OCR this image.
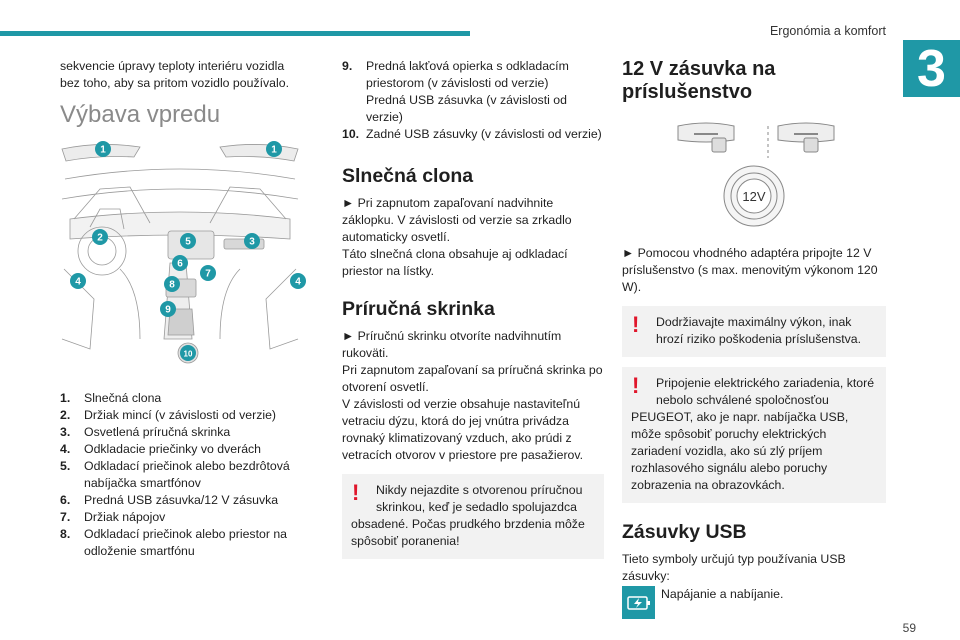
Ergonómia a komfort
3

sekvencie úpravy teploty interiéru vozidla bez toho, aby sa pritom vozidlo používalo.

Výbava vpredu
1	1
2	5	3
6
7
4	8	4
9
10
1.	Slnečná clona
2.	Držiak mincí (v závislosti od verzie)
3.	Osvetlená príručná skrinka
4.	Odkladacie priečinky vo dverách
5.	Odkladací priečinok alebo bezdrôtová nabíjačka smartfónov
6.	Predná USB zásuvka/12 V zásuvka
7.	Držiak nápojov
8.	Odkladací priečinok alebo priestor na odloženie smartfónu
9.	Predná lakťová opierka s odkladacím priestorom (v závislosti od verzie)
Predná USB zásuvka (v závislosti od verzie)
10. Zadné USB zásuvky (v závislosti od verzie)
Slnečná clona

► Pri zapnutom zapaľovaní nadvihnite záklopku. V závislosti od verzie sa zrkadlo automaticky osvetlí.

Táto slnečná clona obsahuje aj odkladací priestor na lístky.

Príručná skrinka

► Príručnú skrinku otvoríte nadvihnutím rukoväti.

Pri zapnutom zapaľovaní sa príručná skrinka po otvorení osvetlí.

V závislosti od verzie obsahuje nastaviteľnú vetraciu dýzu, ktorá do jej vnútra privádza rovnaký klimatizovaný vzduch, ako prúdi z vetracích otvorov v priestore pre pasažierov.

!	Nikdy nejazdite s otvorenou príručnou skrinkou, keď je sedadlo spolujazdca

obsadené. Počas prudkého brzdenia môže spôsobiť poranenia!

12 V zásuvka na príslušenstvo
12V

► Pomocou vhodného adaptéra pripojte 12 V príslušenstvo (s max. menovitým výkonom 120 W).

!	Dodržiavajte maximálny výkon, inak hrozí riziko poškodenia príslušenstva.

!	Pripojenie elektrického zariadenia, ktoré nebolo schválené spoločnosťou

PEUGEOT, ako je napr. nabíjačka USB, môže spôsobiť poruchy elektrických zariadení vozidla, ako sú zlý príjem rozhlasového signálu alebo poruchy zobrazenia na obrazovkách.

Zásuvky USB

Tieto symboly určujú typ používania USB zásuvky:

Napájanie a nabíjanie.
59
